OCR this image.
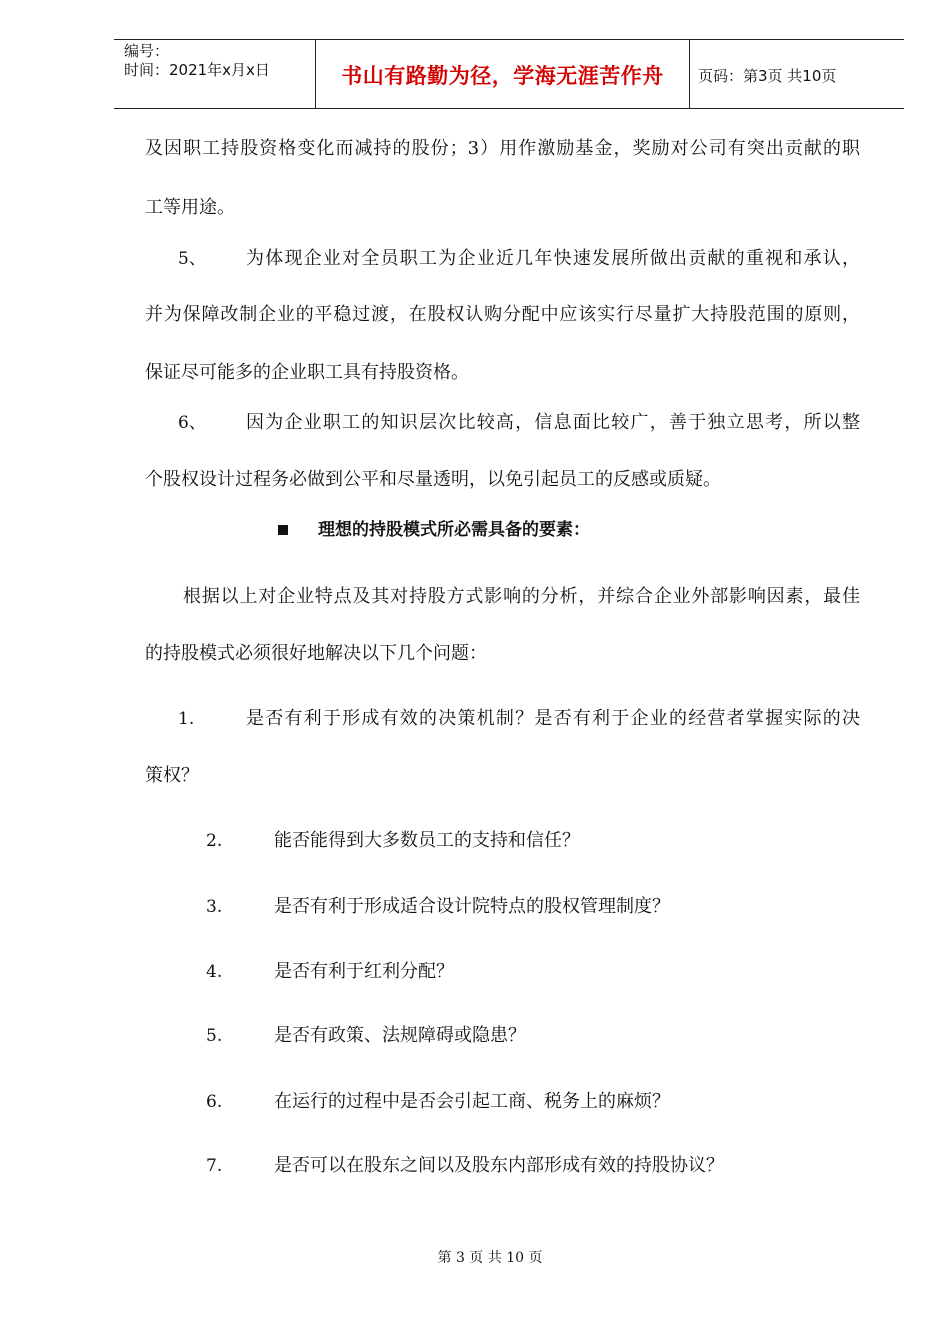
编号：
时间：2021年x月x日	书山有路勤为径，学海无涯苦作舟	页码：第3页 共10页
及因职工持股资格变化而减持的股份；3）用作激励基金，奖励对公司有突出贡献的职
工等用途。
5、 为体现企业对全员职工为企业近几年快速发展所做出贡献的重视和承认，
并为保障改制企业的平稳过渡，在股权认购分配中应该实行尽量扩大持股范围的原则，
保证尽可能多的企业职工具有持股资格。
6、 因为企业职工的知识层次比较高，信息面比较广，善于独立思考，所以整
个股权设计过程务必做到公平和尽量透明，以免引起员工的反感或质疑。
理想的持股模式所必需具备的要素：
根据以上对企业特点及其对持股方式影响的分析，并综合企业外部影响因素，最佳
的持股模式必须很好地解决以下几个问题：
1.	是否有利于形成有效的决策机制？是否有利于企业的经营者掌握实际的决
策权？
2.	能否能得到大多数员工的支持和信任？
3.	是否有利于形成适合设计院特点的股权管理制度？
4.	是否有利于红利分配？
5.	是否有政策、法规障碍或隐患？
6.	在运行的过程中是否会引起工商、税务上的麻烦？
7.	是否可以在股东之间以及股东内部形成有效的持股协议？
第 3 页 共 10 页
